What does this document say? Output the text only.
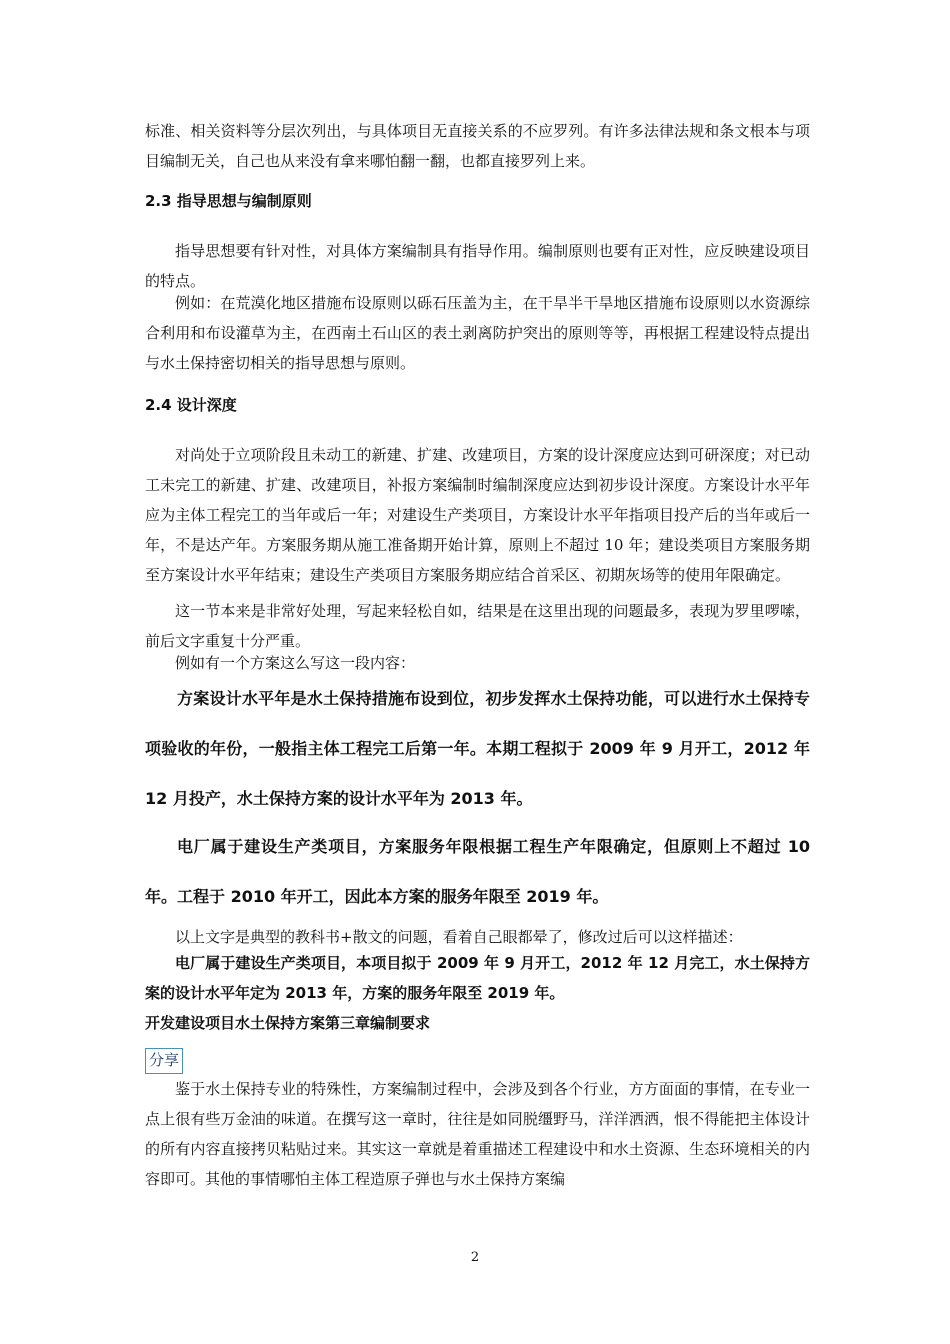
标准、相关资料等分层次列出，与具体项目无直接关系的不应罗列。有许多法律法规和条文根本与项目编制无关，自己也从来没有拿来哪怕翻一翻，也都直接罗列上来。

2.3 指导思想与编制原则

指导思想要有针对性，对具体方案编制具有指导作用。编制原则也要有正对性，应反映建设项目的特点。

例如：在荒漠化地区措施布设原则以砾石压盖为主，在干旱半干旱地区措施布设原则以水资源综合利用和布设灌草为主，在西南土石山区的表土剥离防护突出的原则等等，再根据工程建设特点提出与水土保持密切相关的指导思想与原则。

2.4 设计深度

对尚处于立项阶段且未动工的新建、扩建、改建项目，方案的设计深度应达到可研深度；对已动工未完工的新建、扩建、改建项目，补报方案编制时编制深度应达到初步设计深度。方案设计水平年应为主体工程完工的当年或后一年；对建设生产类项目，方案设计水平年指项目投产后的当年或后一年，不是达产年。方案服务期从施工准备期开始计算，原则上不超过 10 年；建设类项目方案服务期至方案设计水平年结束；建设生产类项目方案服务期应结合首采区、初期灰场等的使用年限确定。

这一节本来是非常好处理，写起来轻松自如，结果是在这里出现的问题最多，表现为罗里啰嗦，前后文字重复十分严重。

例如有一个方案这么写这一段内容：

方案设计水平年是水土保持措施布设到位，初步发挥水土保持功能，可以进行水土保持专项验收的年份，一般指主体工程完工后第一年。本期工程拟于 2009 年 9 月开工，2012 年 12 月投产，水土保持方案的设计水平年为 2013 年。

电厂属于建设生产类项目，方案服务年限根据工程生产年限确定，但原则上不超过 10 年。工程于 2010 年开工，因此本方案的服务年限至 2019 年。

以上文字是典型的教科书+散文的问题，看着自己眼都晕了，修改过后可以这样描述：

电厂属于建设生产类项目，本项目拟于 2009 年 9 月开工，2012 年 12 月完工，水土保持方案的设计水平年定为 2013 年，方案的服务年限至 2019 年。

开发建设项目水土保持方案第三章编制要求
分享

鉴于水土保持专业的特殊性，方案编制过程中，会涉及到各个行业，方方面面的事情，在专业一点上很有些万金油的味道。在撰写这一章时，往往是如同脱缰野马，洋洋洒洒，恨不得能把主体设计的所有内容直接拷贝粘贴过来。其实这一章就是着重描述工程建设中和水土资源、生态环境相关的内容即可。其他的事情哪怕主体工程造原子弹也与水土保持方案编

2
